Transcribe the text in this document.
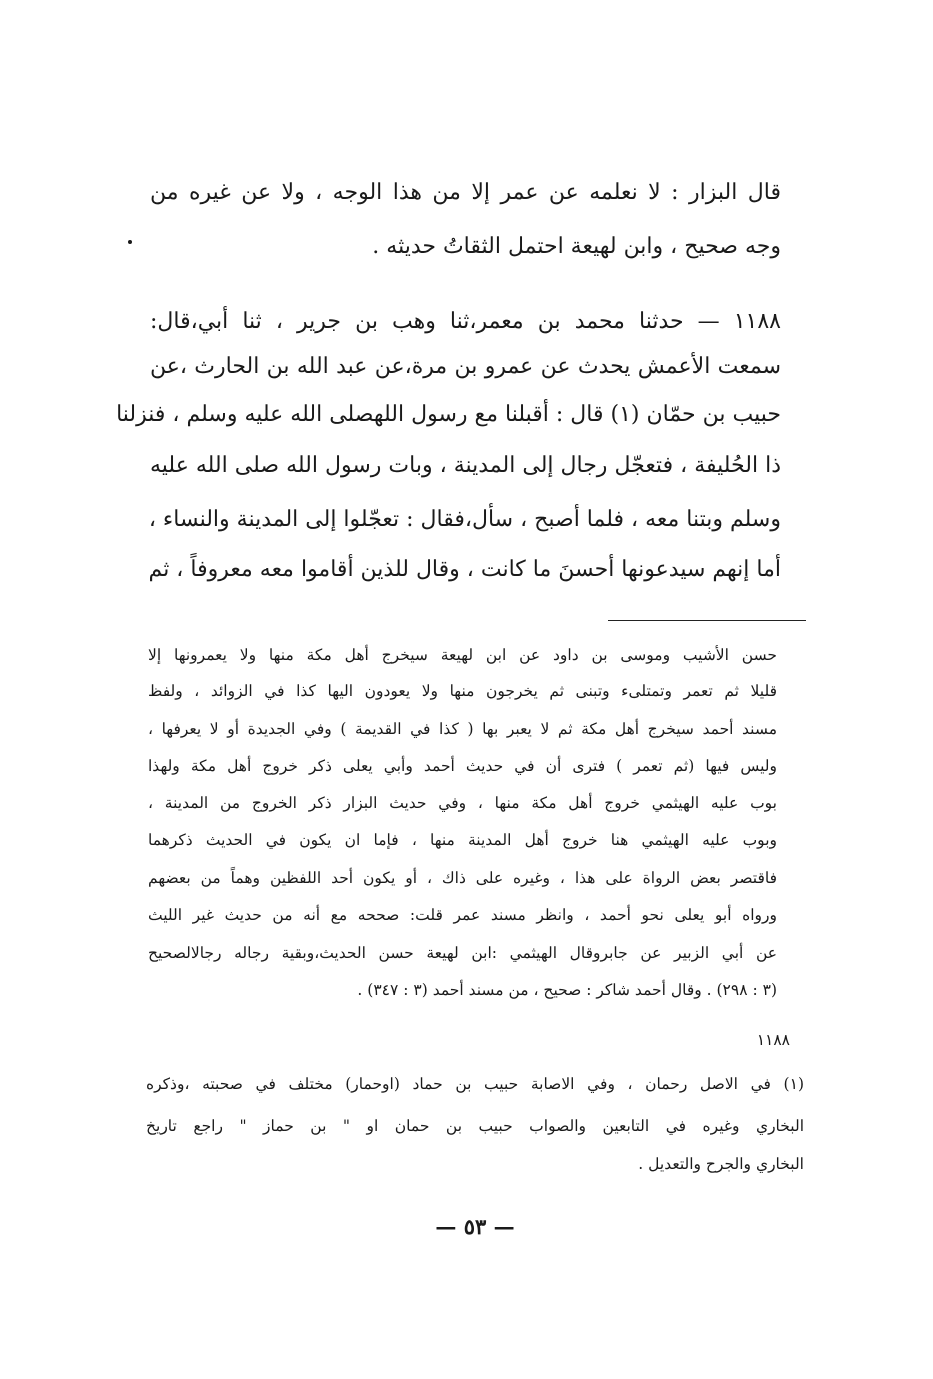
قال البزار : لا نعلمه عن عمر إلا من هذا الوجه ، ولا عن غيره من
وجه صحيح ، وابن لهيعة احتمل الثقاتُ حديثه .
١١٨٨ — حدثنا محمد بن معمر،ثنا وهب بن جرير ، ثنا أبي،قال:
سمعت الأعمش يحدث عن عمرو بن مرة،عن عبد الله بن الحارث ،عن
حبيب بن حمّان (١) قال : أقبلنا مع رسول اللهصلى الله عليه وسلم ، فنزلنا
ذا الحُليفة ، فتعجّل رجال إلى المدينة ، وبات رسول الله صلى الله عليه
وسلم وبتنا معه ، فلما أصبح ، سأل،فقال : تعجّلوا إلى المدينة والنساء ،
أما إنهم سيدعونها أحسنَ ما كانت ، وقال للذين أقاموا معه معروفاً ، ثم
حسن الأشيب وموسى بن داود عن ابن لهيعة سيخرج أهل مكة منها ولا يعمرونها إلا
قليلا ثم تعمر وتمتلىء وتبنى ثم يخرجون منها ولا يعودون اليها كذا في الزوائد ، ولفظ
مسند أحمد سيخرج أهل مكة ثم لا يعبر بها ( كذا في القديمة ) وفي الجديدة أو لا يعرفها ،
وليس فيها (ثم تعمر ) فترى أن في حديث أحمد وأبي يعلى ذكر خروج أهل مكة ولهذا
بوب عليه الهيثمي خروج أهل مكة منها ، وفي حديث البزار ذكر الخروج من المدينة ،
وبوب عليه الهيثمي هنا خروج أهل المدينة منها ، فإما ان يكون في الحديث ذكرهما
فاقتصر بعض الرواة على هذا ، وغيره على ذاك ، أو يكون أحد اللفظين وهماً من بعضهم
ورواه أبو يعلى نحو أحمد ، وانظر مسند عمر قلت: صححه مع أنه من حديث غير الليث
عن أبي الزبير عن جابروقال الهيثمي :ابن لهيعة حسن الحديث،وبقية رجاله رجالالصحيح
(٣ : ٢٩٨) . وقال أحمد شاكر : صحيح ، من مسند أحمد (٣ : ٣٤٧) .
١١٨٨
(١) في الاصل رحمان ، وفي الاصابة حبيب بن حماد (اوحمار) مختلف في صحبته ،وذكره
البخاري وغيره في التابعين والصواب حبيب بن حمان او " بن حماز " راجع تاريخ
البخاري والجرح والتعديل .
— ٥٣ —
